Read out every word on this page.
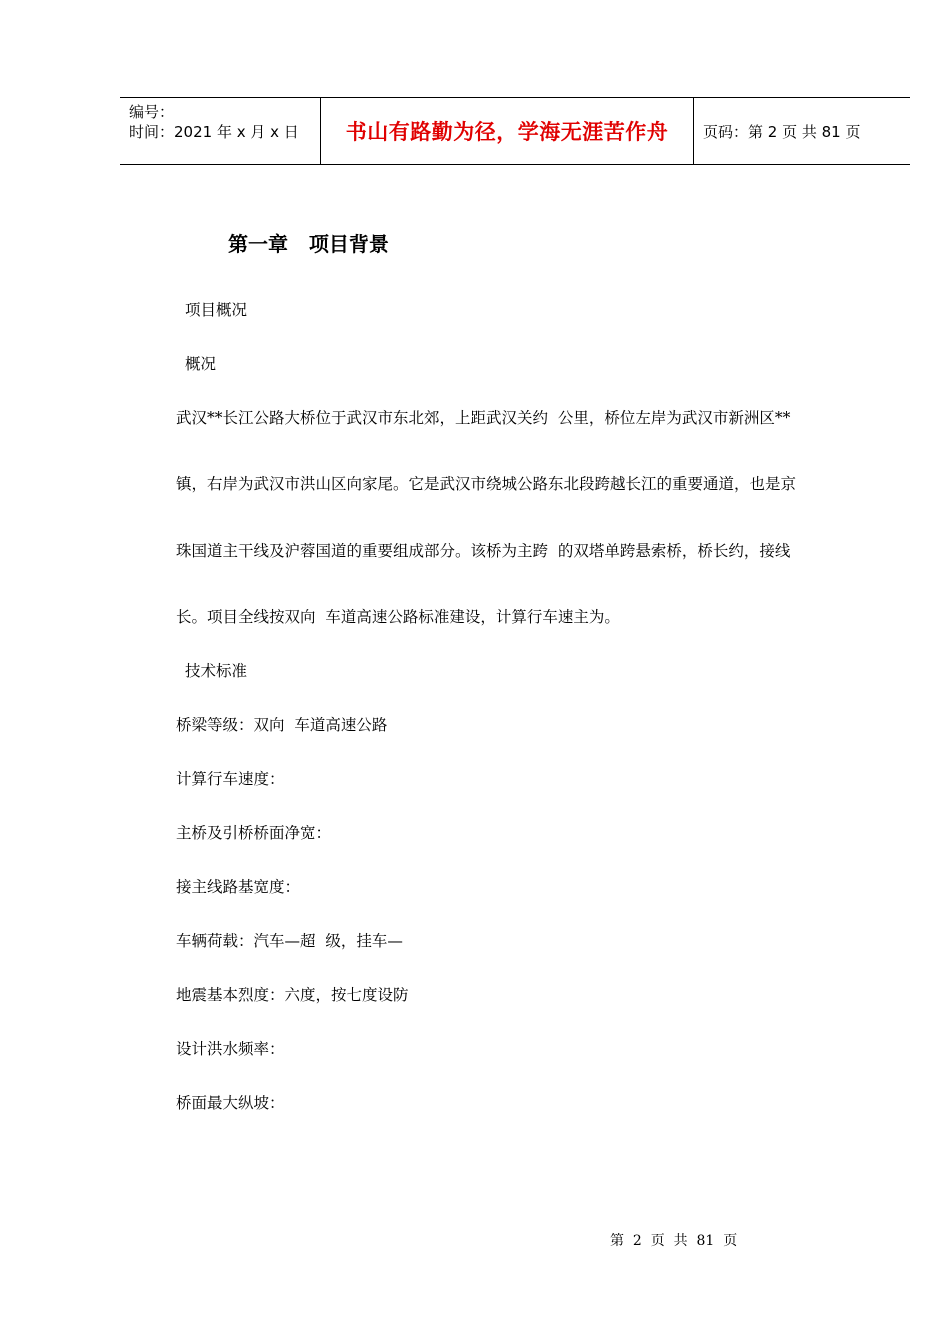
编号：
时间：2021 年 x 月 x 日	书山有路勤为径，学海无涯苦作舟	页码：第 2 页 共 81 页
第一章   项目背景
项目概况
概况
武汉**长江公路大桥位于武汉市东北郊，上距武汉关约  公里，桥位左岸为武汉市新洲区**
镇，右岸为武汉市洪山区向家尾。它是武汉市绕城公路东北段跨越长江的重要通道，也是京
珠国道主干线及沪蓉国道的重要组成部分。该桥为主跨  的双塔单跨悬索桥，桥长约，接线
长。项目全线按双向  车道高速公路标准建设，计算行车速主为。
技术标准
桥梁等级：双向  车道高速公路
计算行车速度：
主桥及引桥桥面净宽：
接主线路基宽度：
车辆荷载：汽车—超  级，挂车—
地震基本烈度：六度，按七度设防
设计洪水频率：
桥面最大纵坡：
第  2  页  共  81  页
